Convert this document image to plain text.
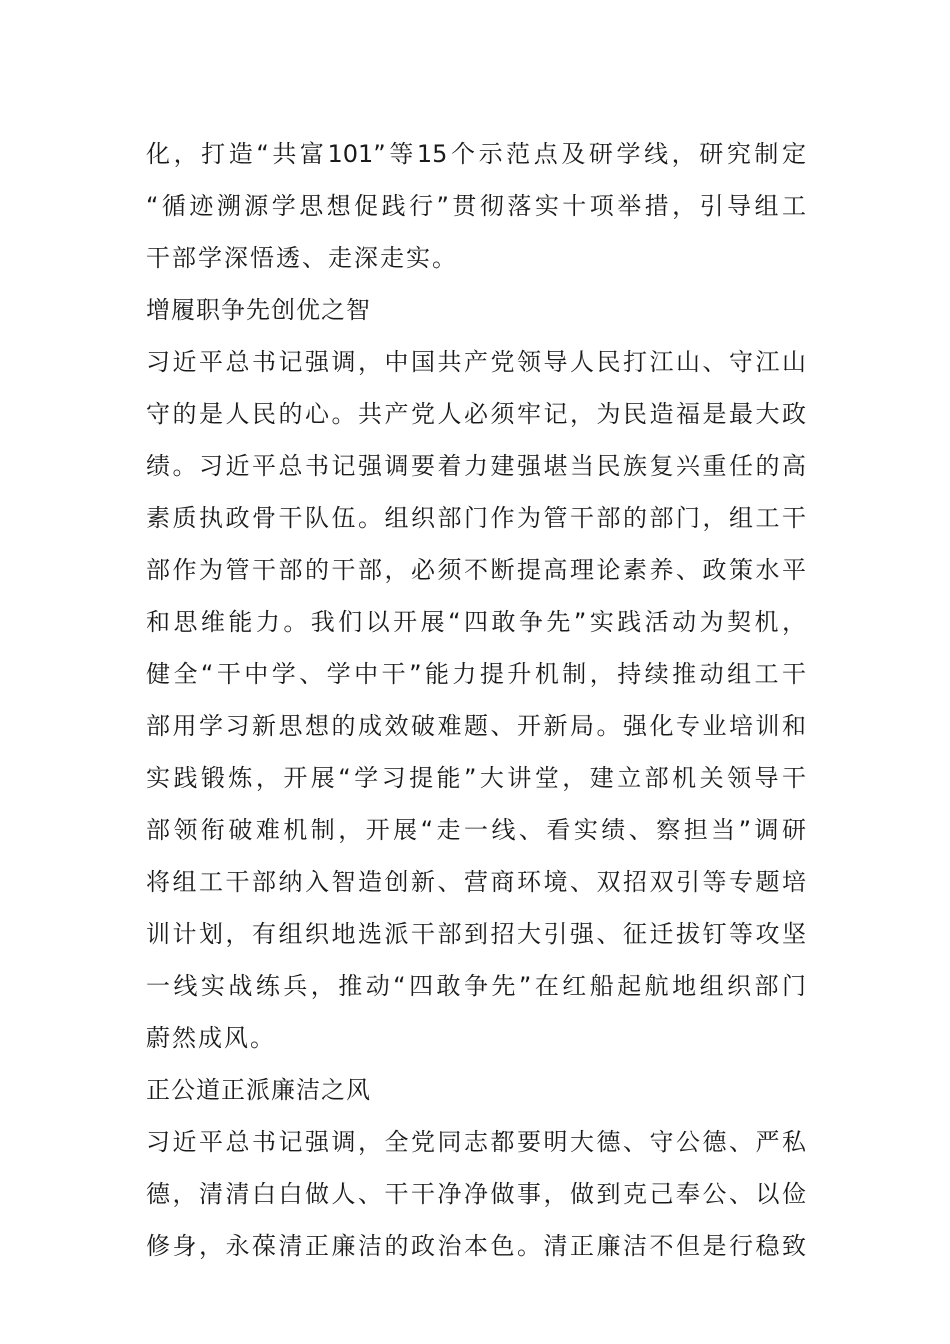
化，打造“共富101”等15个示范点及研学线，研究制定
“循迹溯源学思想促践行”贯彻落实十项举措，引导组工
干部学深悟透、走深走实。
增履职争先创优之智
习近平总书记强调，中国共产党领导人民打江山、守江山
守的是人民的心。共产党人必须牢记，为民造福是最大政
绩。习近平总书记强调要着力建强堪当民族复兴重任的高
素质执政骨干队伍。组织部门作为管干部的部门，组工干
部作为管干部的干部，必须不断提高理论素养、政策水平
和思维能力。我们以开展“四敢争先”实践活动为契机，
健全“干中学、学中干”能力提升机制，持续推动组工干
部用学习新思想的成效破难题、开新局。强化专业培训和
实践锻炼，开展“学习提能”大讲堂，建立部机关领导干
部领衔破难机制，开展“走一线、看实绩、察担当”调研
将组工干部纳入智造创新、营商环境、双招双引等专题培
训计划，有组织地选派干部到招大引强、征迁拔钉等攻坚
一线实战练兵，推动“四敢争先”在红船起航地组织部门
蔚然成风。
正公道正派廉洁之风
习近平总书记强调，全党同志都要明大德、守公德、严私
德，清清白白做人、干干净净做事，做到克己奉公、以俭
修身，永葆清正廉洁的政治本色。清正廉洁不但是行稳致
